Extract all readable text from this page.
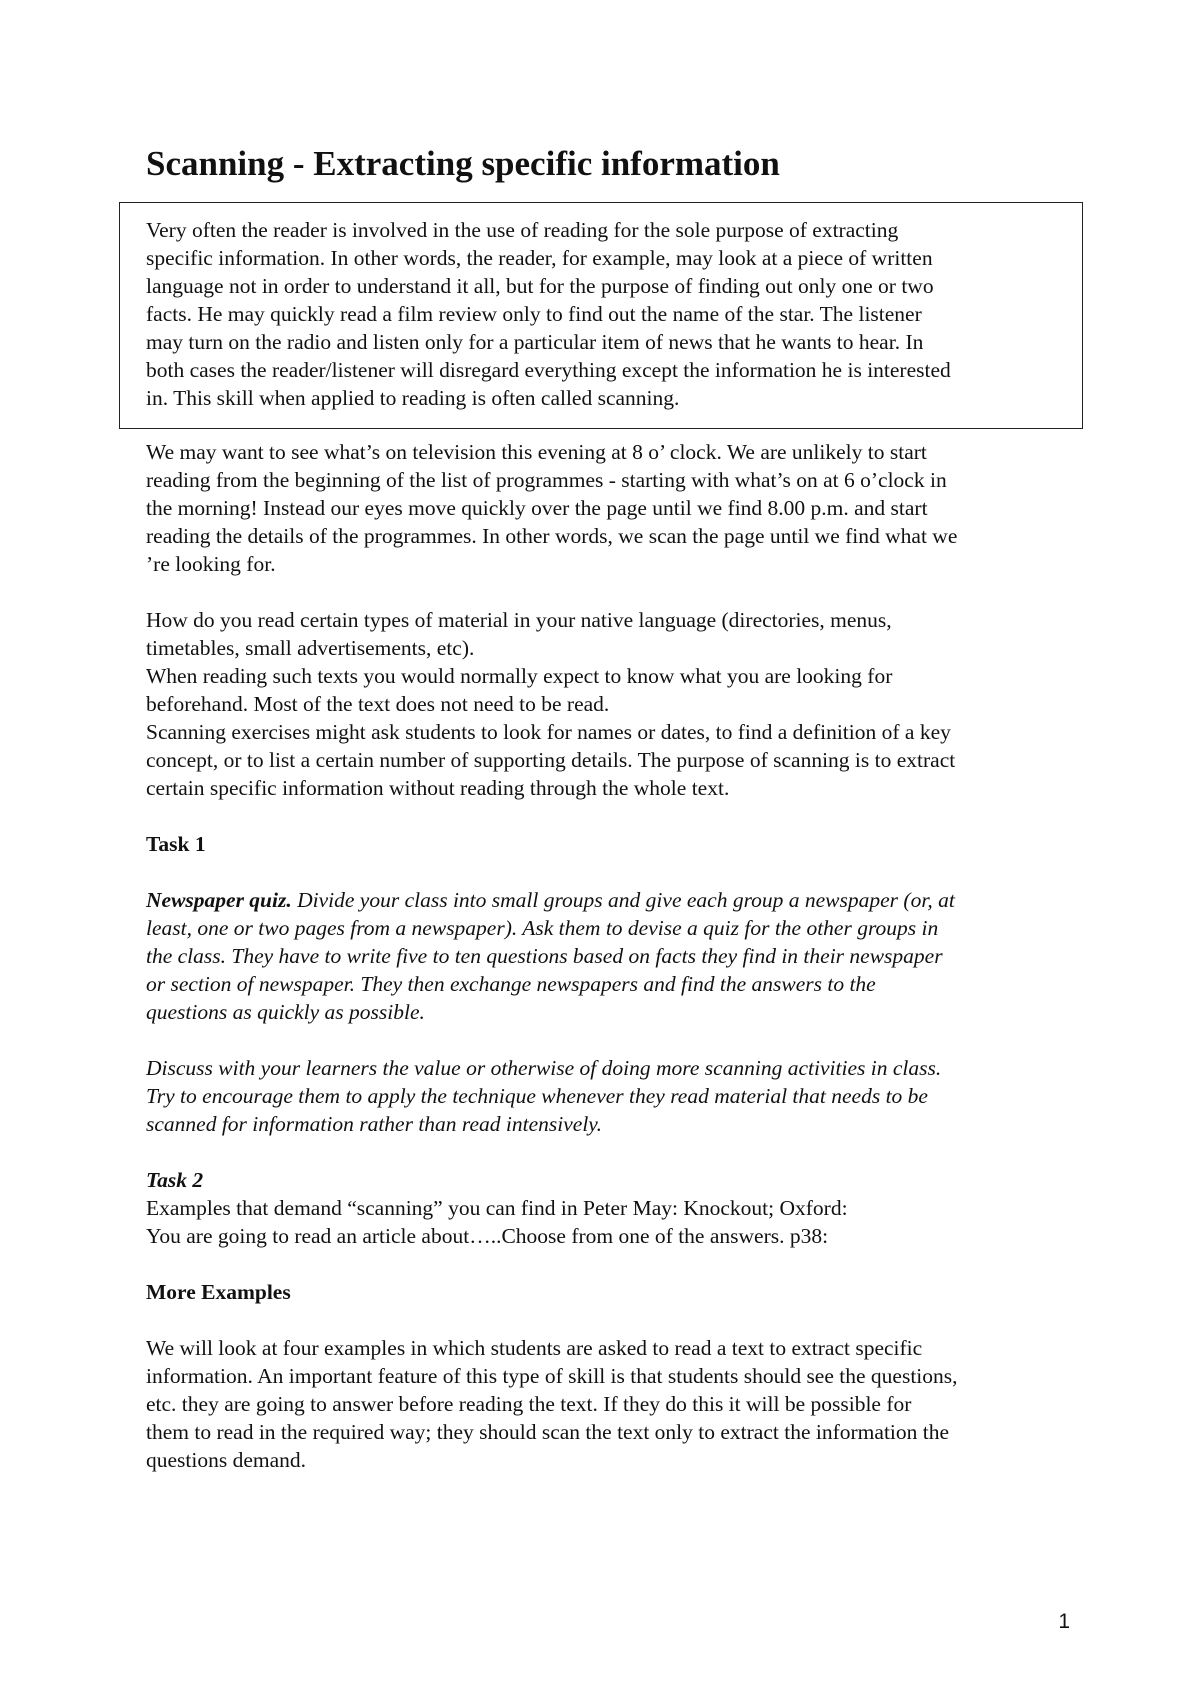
Scanning - Extracting specific information
Very often the reader is involved in the use of reading for the sole purpose of extracting
specific information. In other words, the reader, for example, may look at a piece of written
language not in order to understand it all, but for the purpose of finding out only one or two
facts. He may quickly read a film review only to find out the name of the star. The listener
may turn on the radio and listen only for a particular item of news that he wants to hear. In
both cases the reader/listener will disregard everything except the information he is interested
in. This skill when applied to reading is often called scanning.
We may want to see what’s on television this evening at 8 o’ clock. We are unlikely to start
reading from the beginning of the list of programmes - starting with what’s on at 6 o’clock in
the morning! Instead our eyes move quickly over the page until we find 8.00 p.m. and start
reading the details of the programmes. In other words, we scan the page until we find what we
’re looking for.
How do you read certain types of material in your native language (directories, menus,
timetables, small advertisements, etc).
When reading such texts you would normally expect to know what you are looking for
beforehand. Most of the text does not need to be read.
Scanning exercises might ask students to look for names or dates, to find a definition of a key
concept, or to list a certain number of supporting details. The purpose of scanning is to extract
certain specific information without reading through the whole text.
Task 1
Newspaper quiz. Divide your class into small groups and give each group a newspaper (or, at
least, one or two pages from a newspaper). Ask them to devise a quiz for the other groups in
the class. They have to write five to ten questions based on facts they find in their newspaper
or section of newspaper. They then exchange newspapers and find the answers to the
questions as quickly as possible.
Discuss with your learners the value or otherwise of doing more scanning activities in class.
Try to encourage them to apply the technique whenever they read material that needs to be
scanned for information rather than read intensively.
Task 2
Examples that demand “scanning” you can find in Peter May: Knockout; Oxford:
You are going to read an article about…..Choose from one of the answers. p38:
More Examples
We will look at four examples in which students are asked to read a text to extract specific
information. An important feature of this type of skill is that students should see the questions,
etc. they are going to answer before reading the text. If they do this it will be possible for
them to read in the required way; they should scan the text only to extract the information the
questions demand.
1
